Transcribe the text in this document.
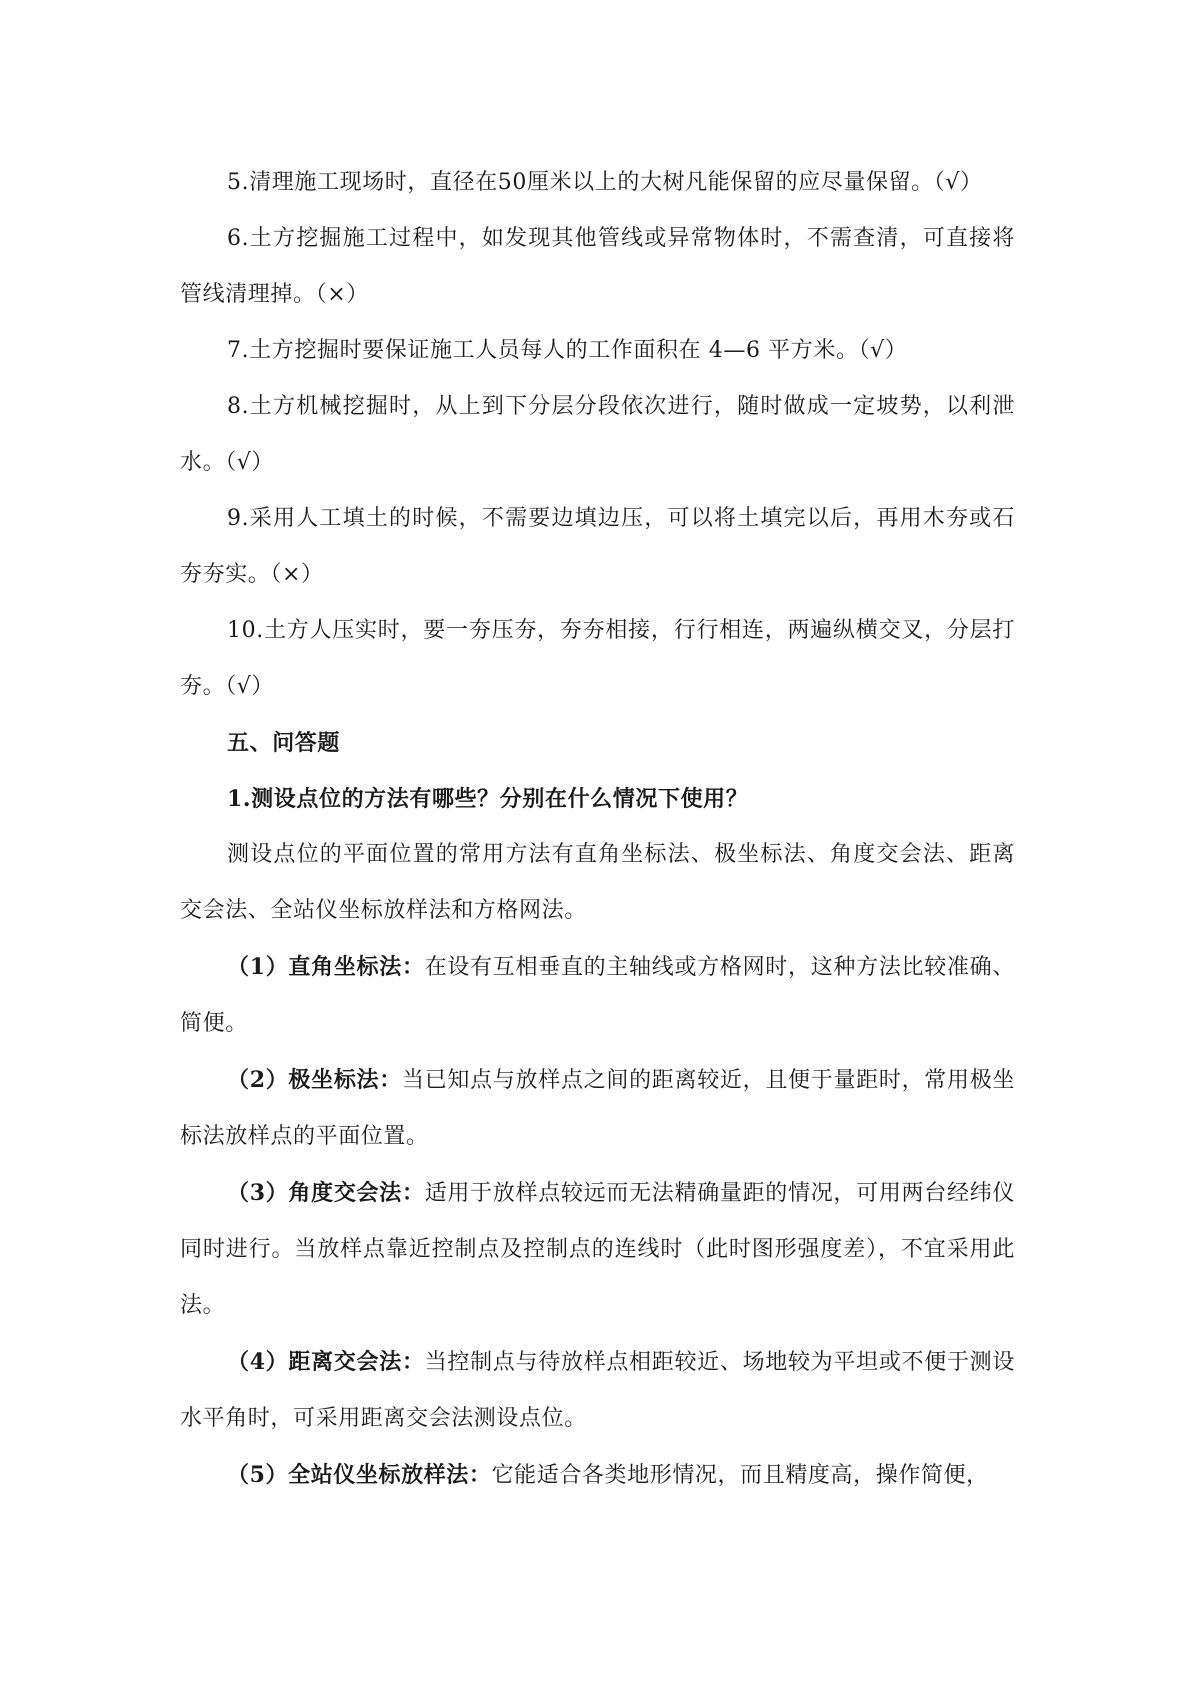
5.清理施工现场时，直径在50厘米以上的大树凡能保留的应尽量保留。（√）

6.土方挖掘施工过程中，如发现其他管线或异常物体时，不需查清，可直接将管线清理掉。（×）

7.土方挖掘时要保证施工人员每人的工作面积在 4—6 平方米。（√）

8.土方机械挖掘时，从上到下分层分段依次进行，随时做成一定坡势，以利泄水。（√）

9.采用人工填土的时候，不需要边填边压，可以将土填完以后，再用木夯或石夯夯实。（×）

10.土方人压实时，要一夯压夯，夯夯相接，行行相连，两遍纵横交叉，分层打夯。（√）

五、问答题

1.测设点位的方法有哪些？分别在什么情况下使用？

测设点位的平面位置的常用方法有直角坐标法、极坐标法、角度交会法、距离交会法、全站仪坐标放样法和方格网法。

（1）直角坐标法：在设有互相垂直的主轴线或方格网时，这种方法比较准确、简便。

（2）极坐标法：当已知点与放样点之间的距离较近，且便于量距时，常用极坐标法放样点的平面位置。

（3）角度交会法：适用于放样点较远而无法精确量距的情况，可用两台经纬仪同时进行。当放样点靠近控制点及控制点的连线时（此时图形强度差），不宜采用此法。

（4）距离交会法：当控制点与待放样点相距较近、场地较为平坦或不便于测设水平角时，可采用距离交会法测设点位。

（5）全站仪坐标放样法：它能适合各类地形情况，而且精度高，操作简便，
